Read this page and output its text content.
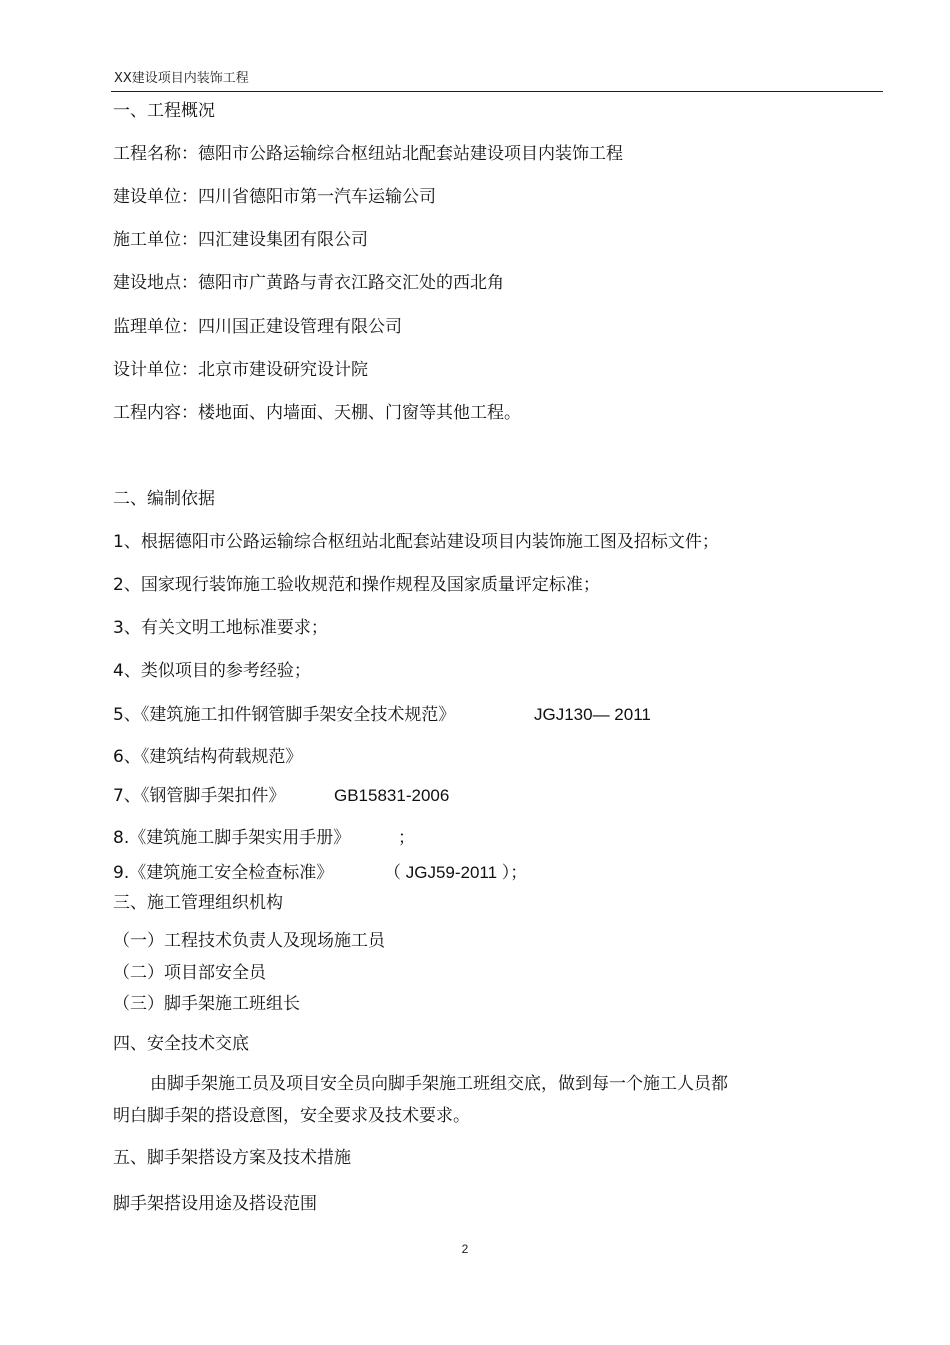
XX建设项目内装饰工程
一、工程概况
工程名称：德阳市公路运输综合枢纽站北配套站建设项目内装饰工程
建设单位：四川省德阳市第一汽车运输公司
施工单位：四汇建设集团有限公司
建设地点：德阳市广黄路与青衣江路交汇处的西北角
监理单位：四川国正建设管理有限公司
设计单位：北京市建设研究设计院
工程内容：楼地面、内墙面、天棚、门窗等其他工程。
二、编制依据
1、根据德阳市公路运输综合枢纽站北配套站建设项目内装饰施工图及招标文件；
2、国家现行装饰施工验收规范和操作规程及国家质量评定标准；
3、有关文明工地标准要求；
4、类似项目的参考经验；
5、《建筑施工扣件钢管脚手架安全技术规范》	JGJ130— 2011
6、《建筑结构荷载规范》
7、《钢管脚手架扣件》	GB15831-2006
8.《建筑施工脚手架实用手册》	；
9.《建筑施工安全检查标准》	（ JGJ59-2011 ）；
三、施工管理组织机构
（一）工程技术负责人及现场施工员
（二）项目部安全员
（三）脚手架施工班组长
四、安全技术交底
由脚手架施工员及项目安全员向脚手架施工班组交底，做到每一个施工人员都
明白脚手架的搭设意图，安全要求及技术要求。
五、脚手架搭设方案及技术措施
脚手架搭设用途及搭设范围
2
